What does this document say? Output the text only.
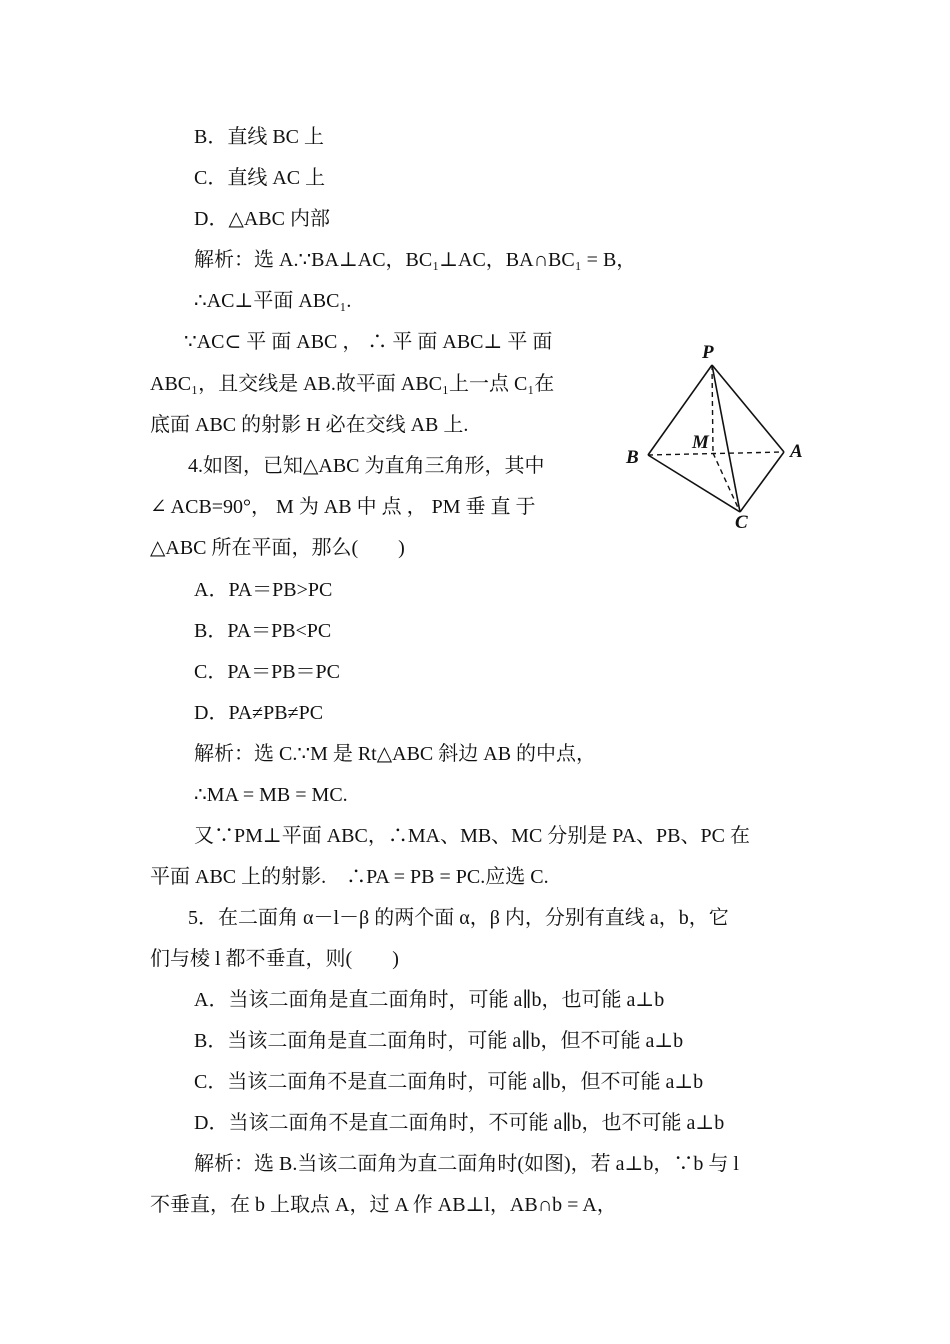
B．直线 BC 上
C．直线 AC 上
D．△ABC 内部
解析：选 A.∵BA⊥AC，BC₁⊥AC，BA∩BC₁ = B，
∴AC⊥平面 ABC₁.
∵AC⊂ 平 面 ABC ， ∴ 平 面 ABC⊥ 平 面
ABC₁，且交线是 AB.故平面 ABC₁上一点 C₁在
底面 ABC 的射影 H 必在交线 AB 上.
4.如图，已知△ABC 为直角三角形，其中
∠ ACB=90°， M 为 AB 中 点 ， PM 垂 直 于
△ABC 所在平面，那么(　　)
A．PA＝PB>PC
B．PA＝PB<PC
C．PA＝PB＝PC
D．PA≠PB≠PC
解析：选 C.∵M 是 Rt△ABC 斜边 AB 的中点，
∴MA = MB = MC.
又∵PM⊥平面 ABC，∴MA、MB、MC 分别是 PA、PB、PC 在
平面 ABC 上的射影.　∴PA = PB = PC.应选 C.
5．在二面角 α－l－β 的两个面 α，β 内，分别有直线 a，b，它
们与棱 l 都不垂直，则(　　)
A．当该二面角是直二面角时，可能 a∥b，也可能 a⊥b
B．当该二面角是直二面角时，可能 a∥b，但不可能 a⊥b
C．当该二面角不是直二面角时，可能 a∥b，但不可能 a⊥b
D．当该二面角不是直二面角时，不可能 a∥b，也不可能 a⊥b
解析：选 B.当该二面角为直二面角时(如图)，若 a⊥b，∵b 与 l
不垂直，在 b 上取点 A，过 A 作 AB⊥l，AB∩b = A，
P
M	A
B
C
